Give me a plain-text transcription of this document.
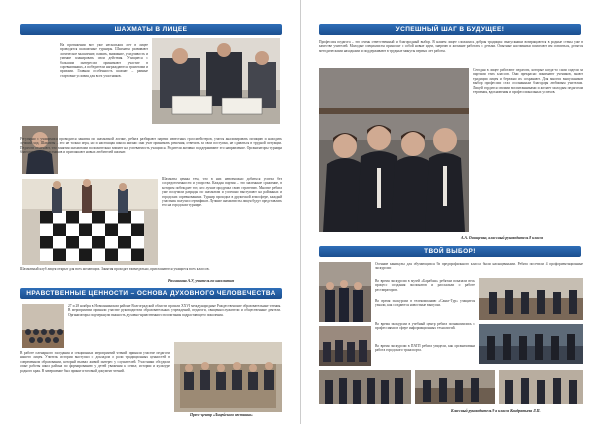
ШАХМАТЫ В ЛИЦЕЕ
На протяжении вот уже нескольких лет в лицее проводятся шахматные турниры. Шахматы развивают логическое мышление, память, внимание, усидчивость и умение планировать свои действия. Учащиеся с большим интересом принимают участие в соревнованиях, а победители награждаются грамотами и призами. Главная особенность шахмат – равные стартовые условия для всех участников.
Регулярно с учащимися проводятся занятия по шахматной логике, ребята разбирают партии известных гроссмейстеров, учатся анализировать позицию и находить лучший ход. Шахматы – это не только игра, но и настоящая школа жизни: они учат принимать решения, отвечать за свои поступки, не сдаваться в трудной ситуации. Педагоги отмечают, что занятия шахматами положительно влияют на успеваемость учащихся. Родители активно поддерживают это направление. Организаторы турнира благодарят всех участников и приглашают новых любителей шахмат.
Шахматы ценны тем, что в них невозможно добиться успеха без сосредоточенности и упорства. Каждая партия – это маленькое сражение, в котором побеждает тот, кто лучше продумал свою стратегию. Многие ребята уже получили разряды по шахматам и успешно выступают на районных и городских соревнованиях. Турнир проходил в дружеской атмосфере, каждый участник получил сертификат. Лучшие шахматисты лицея будут представлять его на городском турнире.
Шахматный клуб лицея открыт для всех желающих. Занятия проходят еженедельно, приглашаются учащиеся всех классов.
Рахманина А.У, учитель по шахматам
НРАВСТВЕННЫЕ ЦЕННОСТИ – ОСНОВА ДУХОВНОГО ЧЕЛОВЕЧЕСТВА
27 и 28 ноября в Новоаннинском районе Волгоградской области прошли XXVI международные Рождественские образовательные чтения. В мероприятии приняли участие руководители образовательных учреждений, педагоги, священнослужители и общественные деятели. Организаторы подчеркнули важность духовно-нравственного воспитания подрастающего поколения.
В работе пленарного заседания и секционных мероприятий чтений приняли участие педагоги нашего лицея. Учитель истории выступил с докладом о роли традиционных ценностей в современном образовании, который вызвал живой интерес у слушателей. Участники обсудили опыт работы школ района по формированию у детей уважения к семье, истории и культуре родного края. В завершение был принят итоговый документ чтений.
Пресс-центр «Лицейского вестника»
УСПЕШНЫЙ ШАГ В БУДУЩЕЕ!
Профессия педагога – это очень ответственный и благородный выбор. В нашем лицее сложилась добрая традиция: выпускники возвращаются в родные стены уже в качестве учителей. Молодые специалисты приносят с собой новые идеи, энергию и желание работать с детьми. Опытные наставники помогают им освоиться, делятся методическими находками и поддерживают в трудные минуты первых лет работы.
Сегодня в лицее работают педагоги, которые когда-то сами сидели за партами этих классов. Они прекрасно понимают учеников, знают традиции лицея и бережно их сохраняют. Для многих выпускников выбор профессии стал осознанным благодаря любимым учителям. Лицей гордится своими воспитанниками и желает молодым педагогам терпения, вдохновения и профессиональных успехов.
А.А. Онищенко, классный руководитель 8 класса
ТВОЙ ВЫБОР!
Осенние каникулы для обучающихся 9а предпрофильного класса были насыщенными. Ребята посетили 4 профориентационные экскурсии:
Во время экскурсии в музей «Барабаш» ребятам показали весь процесс создания экспонатов и рассказали о работе реставраторов.
Во время экскурсии в телекомпанию «Санкт-Тур» учащиеся узнали, как создаются новостные выпуски.
Во время экскурсии в учебный центр ребята познакомились с профессиями в сфере информационных технологий.
Во время экскурсии в ПАТП ребята увидели, как организована работа городского транспорта.
Классный руководитель 9 а класса Кондратьева Л.П.
